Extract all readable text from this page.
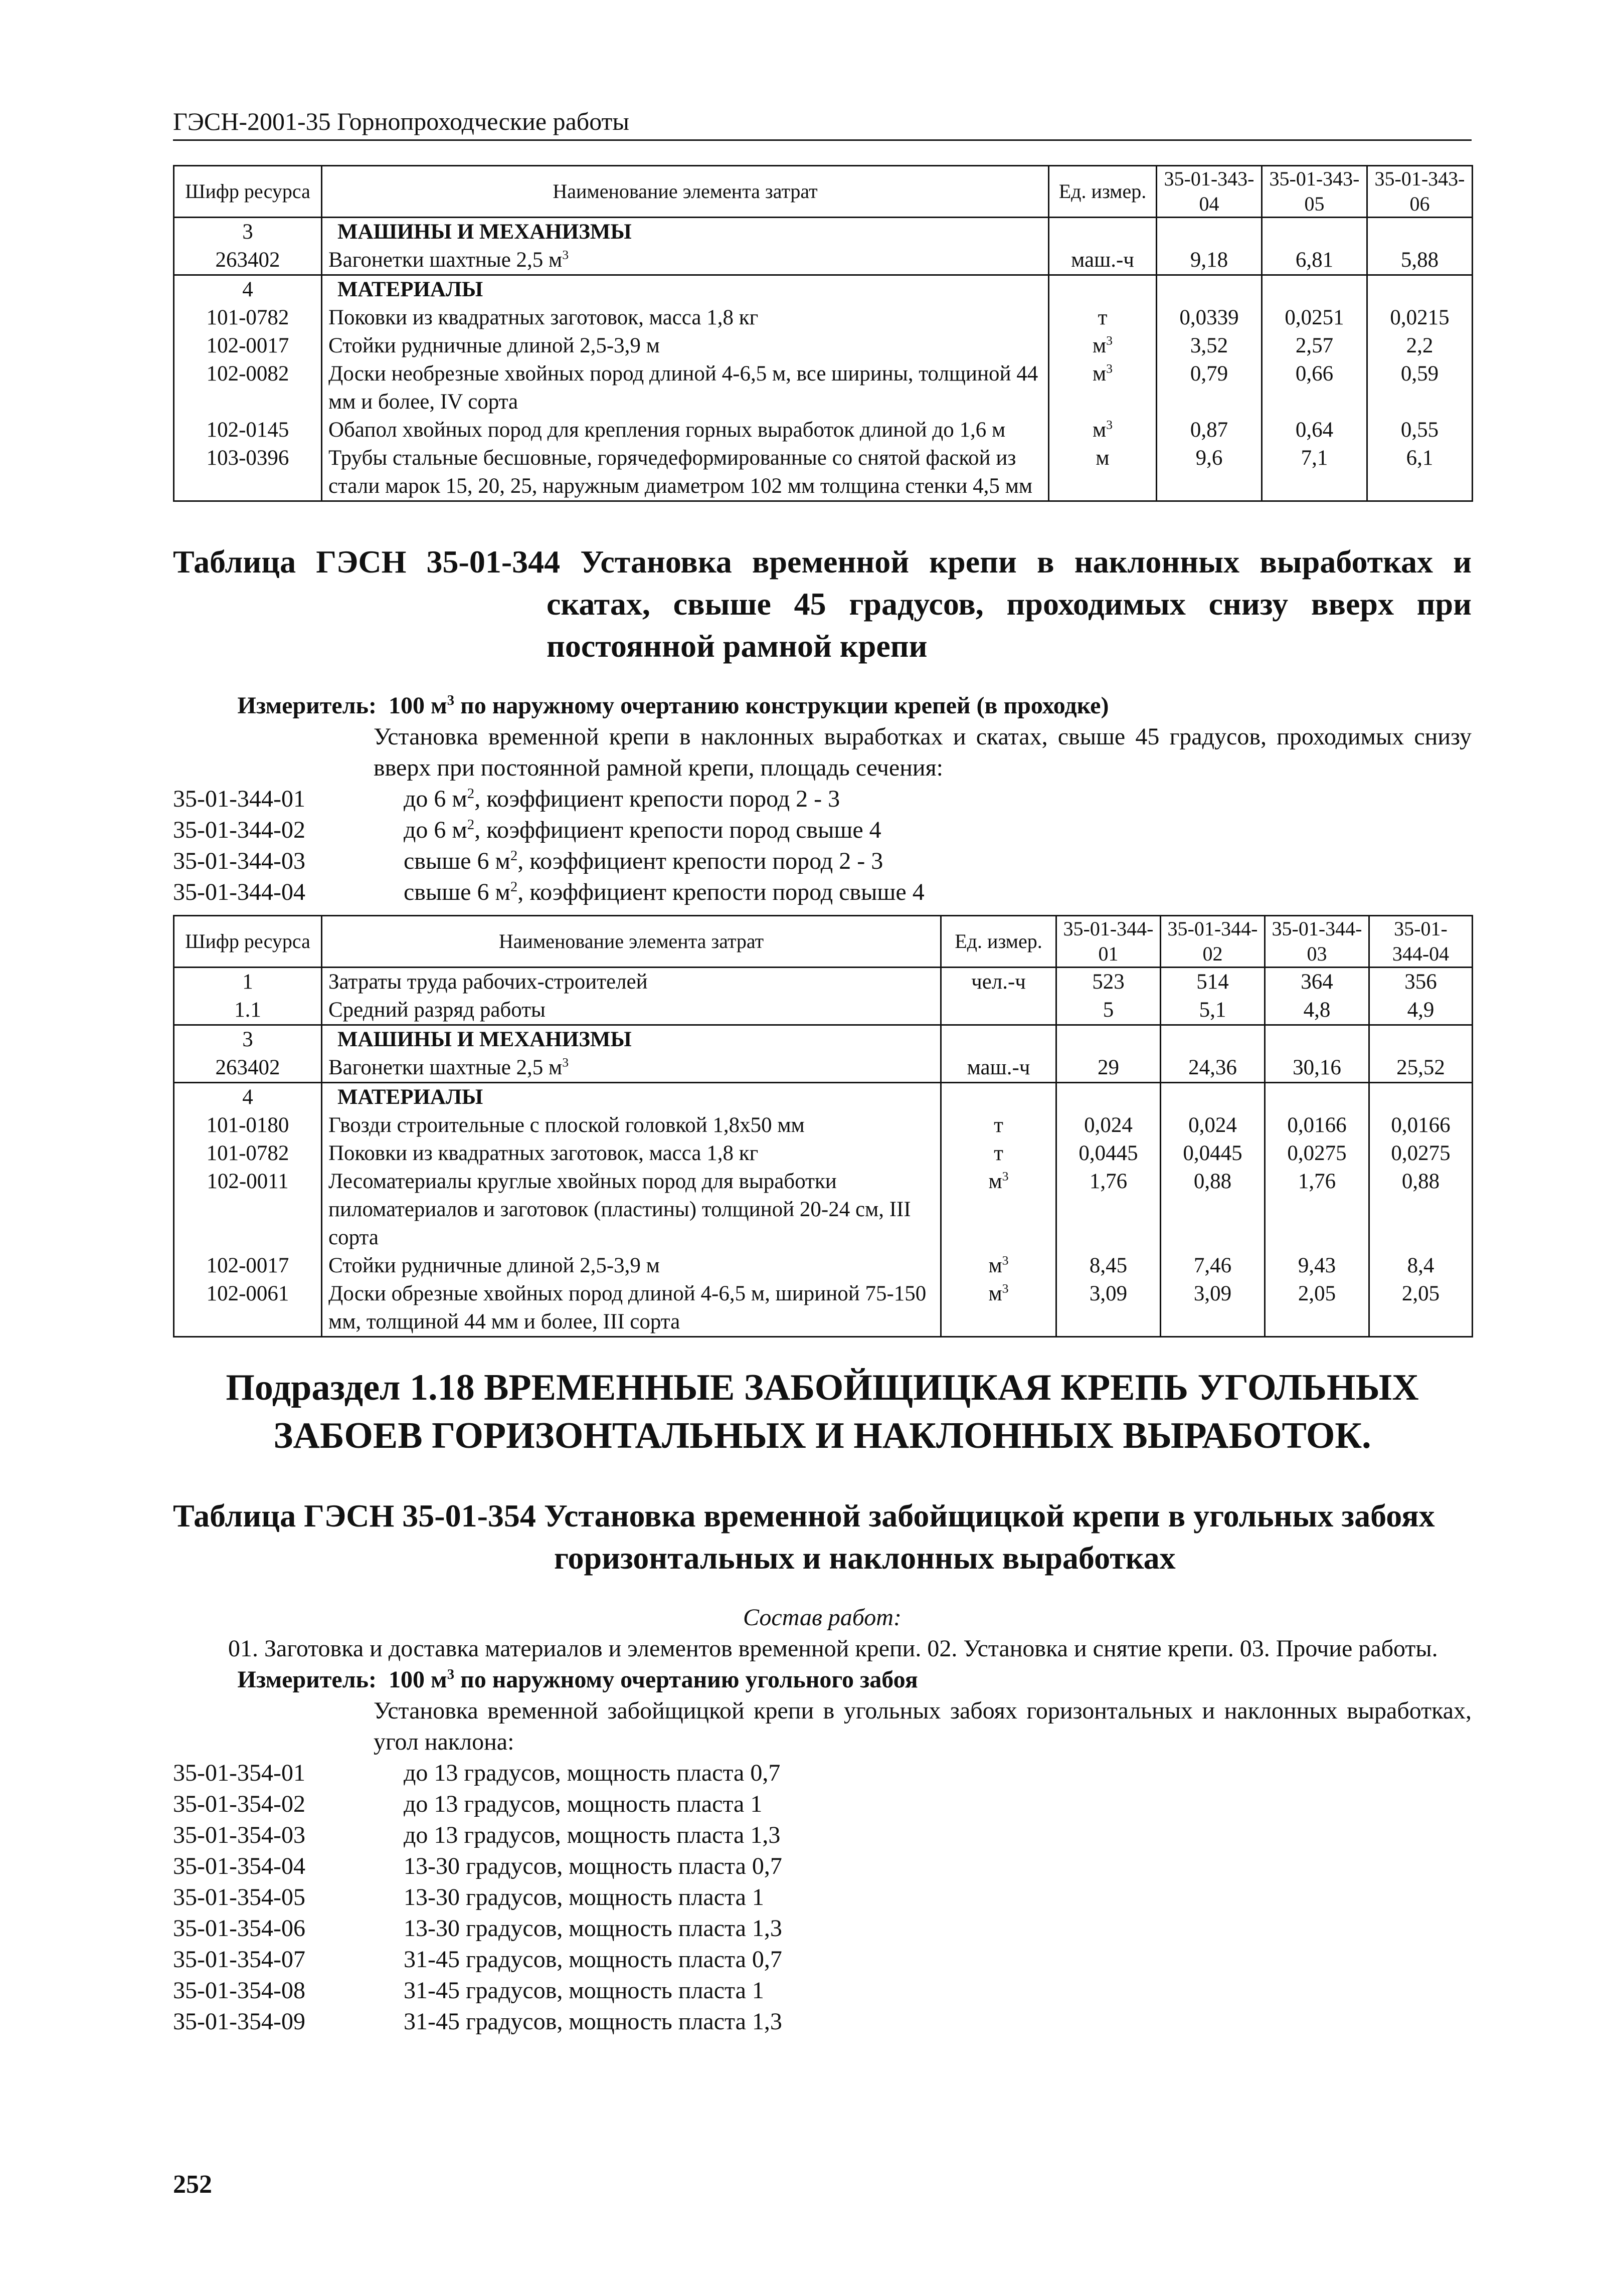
ГЭСН-2001-35 Горнопроходческие работы
Шифр ресурса	Наименование элемента затрат	Ед. измер.	35-01-343-04	35-01-343-05	35-01-343-06
3	МАШИНЫ И МЕХАНИЗМЫ				
263402	Вагонетки шахтные 2,5 $м^3$	маш.-ч	9,18	6,81	5,88
4	МАТЕРИАЛЫ				
101-0782	Поковки из квадратных заготовок, масса 1,8 кг	т	0,0339	0,0251	0,0215
102-0017	Стойки рудничные длиной 2,5-3,9 м	$м^3$	3,52	2,57	2,2
102-0082	Доски необрезные хвойных пород длиной 4-6,5 м, все ширины, толщиной 44 мм и более, IV сорта	$м^3$	0,79	0,66	0,59
102-0145	Обапол хвойных пород для крепления горных выработок длиной до 1,6 м	$м^3$	0,87	0,64	0,55
103-0396	Трубы стальные бесшовные, горячедеформированные со снятой фаской из стали марок 15, 20, 25, наружным диаметром 102 мм толщина стенки 4,5 мм	м	9,6	7,1	6,1
Таблица ГЭСН 35-01-344 Установка временной крепи в наклонных выработках и скатах, свыше 45 градусов, проходимых снизу вверх при постоянной рамной крепи
Измеритель: 100 $м^3$ по наружному очертанию конструкции крепей (в проходке)
Установка временной крепи в наклонных выработках и скатах, свыше 45 градусов, проходимых снизу вверх при постоянной рамной крепи, площадь сечения:
35-01-344-01	до 6 $м^2$, коэффициент крепости пород 2 - 3
35-01-344-02	до 6 $м^2$, коэффициент крепости пород свыше 4
35-01-344-03	свыше 6 $м^2$, коэффициент крепости пород 2 - 3
35-01-344-04	свыше 6 $м^2$, коэффициент крепости пород свыше 4
Шифр ресурса	Наименование элемента затрат	Ед. измер.	35-01-344-01	35-01-344-02	35-01-344-03	35-01-344-04
1	Затраты труда рабочих-строителей	чел.-ч	523	514	364	356
1.1	Средний разряд работы		5	5,1	4,8	4,9
3	МАШИНЫ И МЕХАНИЗМЫ					
263402	Вагонетки шахтные 2,5 $м^3$	маш.-ч	29	24,36	30,16	25,52
4	МАТЕРИАЛЫ					
101-0180	Гвозди строительные с плоской головкой 1,8х50 мм	т	0,024	0,024	0,0166	0,0166
101-0782	Поковки из квадратных заготовок, масса 1,8 кг	т	0,0445	0,0445	0,0275	0,0275
102-0011	Лесоматериалы круглые хвойных пород для выработки пиломатериалов и заготовок (пластины) толщиной 20-24 см, III сорта	$м^3$	1,76	0,88	1,76	0,88
102-0017	Стойки рудничные длиной 2,5-3,9 м	$м^3$	8,45	7,46	9,43	8,4
102-0061	Доски обрезные хвойных пород длиной 4-6,5 м, шириной 75-150 мм, толщиной 44 мм и более, III сорта	$м^3$	3,09	3,09	2,05	2,05
Подраздел 1.18 ВРЕМЕННЫЕ ЗАБОЙЩИЦКАЯ КРЕПЬ УГОЛЬНЫХ ЗАБОЕВ ГОРИЗОНТАЛЬНЫХ И НАКЛОННЫХ ВЫРАБОТОК.
Таблица ГЭСН 35-01-354 Установка временной забойщицкой крепи в угольных забоях горизонтальных и наклонных выработках
Состав работ:
01. Заготовка и доставка материалов и элементов временной крепи. 02. Установка и снятие крепи. 03. Прочие работы.
Измеритель: 100 $м^3$ по наружному очертанию угольного забоя
Установка временной забойщицкой крепи в угольных забоях горизонтальных и наклонных выработках, угол наклона:
35-01-354-01	до 13 градусов, мощность пласта 0,7
35-01-354-02	до 13 градусов, мощность пласта 1
35-01-354-03	до 13 градусов, мощность пласта 1,3
35-01-354-04	13-30 градусов, мощность пласта 0,7
35-01-354-05	13-30 градусов, мощность пласта 1
35-01-354-06	13-30 градусов, мощность пласта 1,3
35-01-354-07	31-45 градусов, мощность пласта 0,7
35-01-354-08	31-45 градусов, мощность пласта 1
35-01-354-09	31-45 градусов, мощность пласта 1,3
252
